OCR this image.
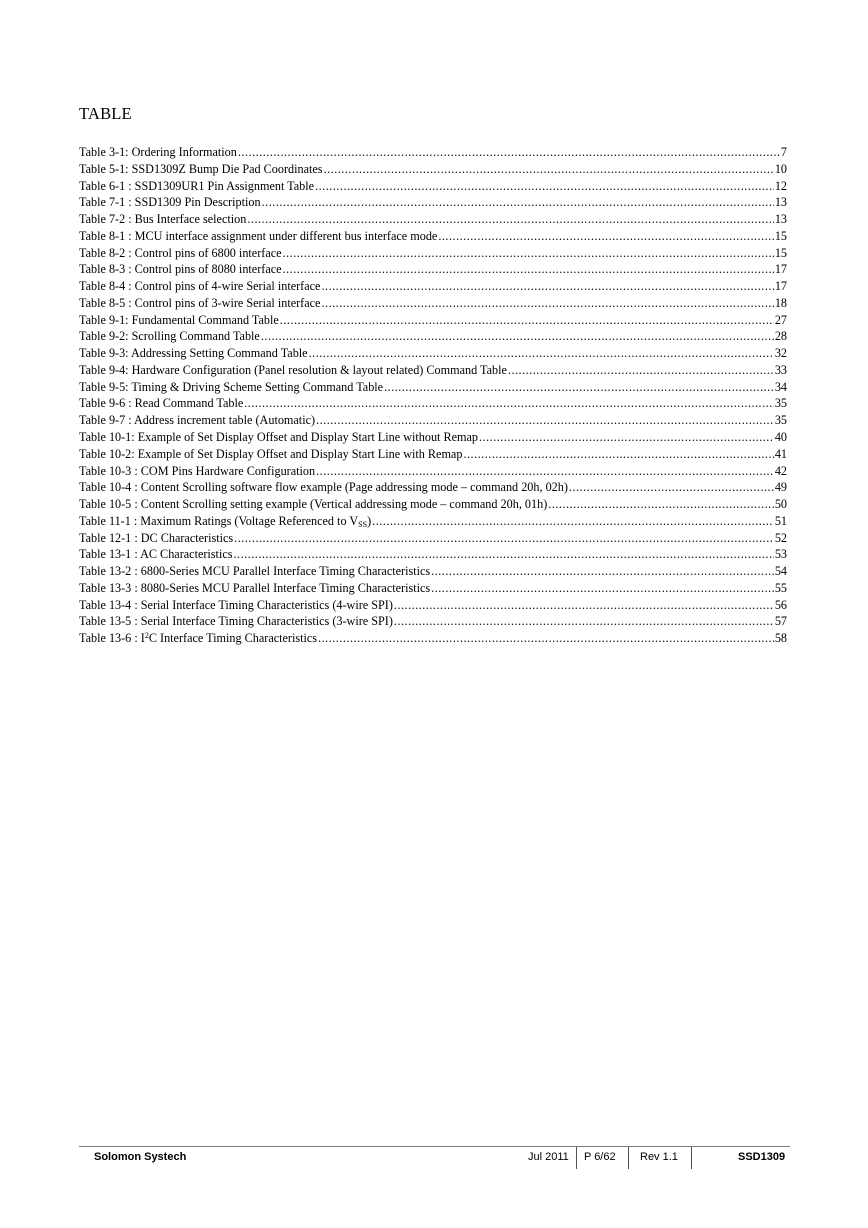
TABLE
Table 3-1: Ordering Information .....	7
Table 5-1: SSD1309Z Bump Die Pad Coordinates .....	10
Table 6-1 : SSD1309UR1 Pin Assignment Table .....	12
Table 7-1 : SSD1309 Pin Description .....	13
Table 7-2 : Bus Interface selection .....	13
Table 8-1 : MCU interface assignment under different bus interface mode .....	15
Table 8-2 : Control pins of 6800 interface .....	15
Table 8-3 : Control pins of 8080 interface .....	17
Table 8-4 : Control pins of 4-wire Serial interface .....	17
Table 8-5 : Control pins of 3-wire Serial interface .....	18
Table 9-1: Fundamental Command Table .....	27
Table 9-2: Scrolling Command Table .....	28
Table 9-3: Addressing Setting Command Table .....	32
Table 9-4: Hardware Configuration (Panel resolution & layout related) Command Table .....	33
Table 9-5: Timing & Driving Scheme Setting Command Table .....	34
Table 9-6 : Read Command Table .....	35
Table 9-7 : Address increment table (Automatic) .....	35
Table 10-1: Example of Set Display Offset and Display Start Line without Remap .....	40
Table 10-2: Example of Set Display Offset and Display Start Line with Remap .....	41
Table 10-3 : COM Pins Hardware Configuration .....	42
Table 10-4 : Content Scrolling software flow example (Page addressing mode – command 20h, 02h) .....	49
Table 10-5 : Content Scrolling setting example (Vertical addressing mode – command 20h, 01h) .....	50
Table 11-1 : Maximum Ratings (Voltage Referenced to $V_{SS}$) .....	51
Table 12-1 : DC Characteristics .....	52
Table 13-1 : AC Characteristics .....	53
Table 13-2 : 6800-Series MCU Parallel Interface Timing Characteristics .....	54
Table 13-3 : 8080-Series MCU Parallel Interface Timing Characteristics .....	55
Table 13-4 : Serial Interface Timing Characteristics (4-wire SPI) .....	56
Table 13-5 : Serial Interface Timing Characteristics (3-wire SPI) .....	57
Table 13-6 : $I^2C$ Interface Timing Characteristics .....	58
Solomon Systech	Jul 2011 P 6/62 Rev 1.1	SSD1309
